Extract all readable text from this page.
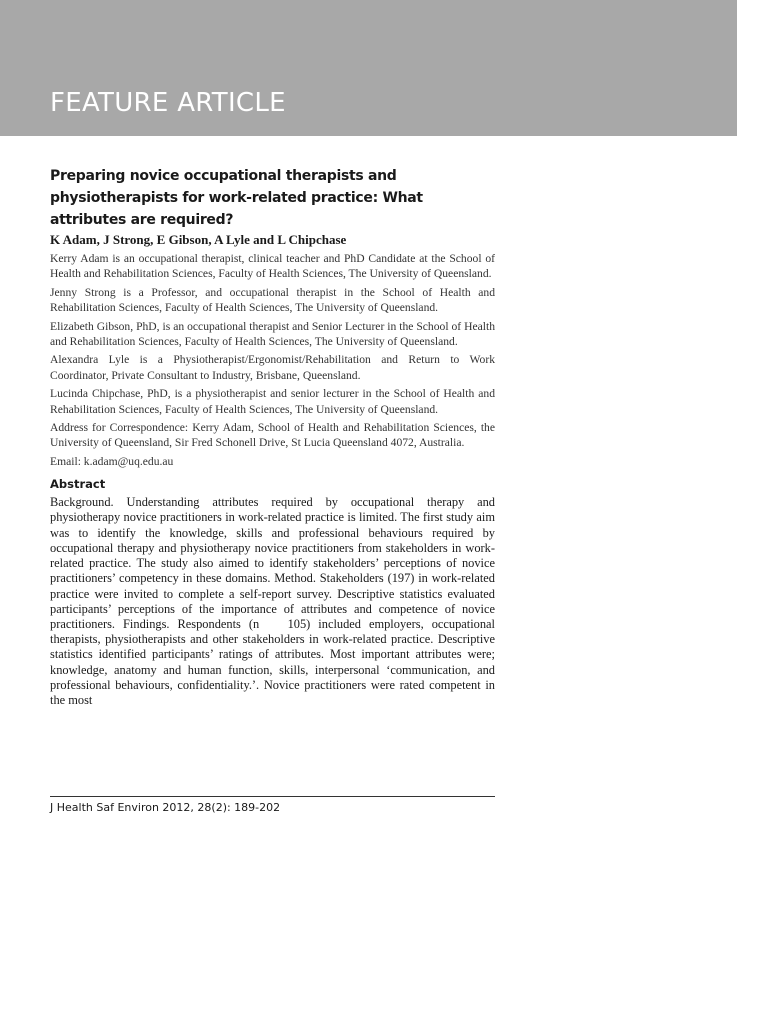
FEATURE ARTICLE
Preparing novice occupational therapists and physiotherapists for work-related practice: What attributes are required?

K Adam, J Strong, E Gibson, A Lyle and L Chipchase

Kerry Adam is an occupational therapist, clinical teacher and PhD Candidate at the School of Health and Rehabilitation Sciences, Faculty of Health Sciences, The University of Queensland.

Jenny Strong is a Professor, and occupational therapist in the School of Health and Rehabilitation Sciences, Faculty of Health Sciences, The University of Queensland.

Elizabeth Gibson, PhD, is an occupational therapist and Senior Lecturer in the School of Health and Rehabilitation Sciences, Faculty of Health Sciences, The University of Queensland.

Alexandra Lyle is a Physiotherapist/Ergonomist/Rehabilitation and Return to Work Coordinator, Private Consultant to Industry, Brisbane, Queensland.

Lucinda Chipchase, PhD, is a physiotherapist and senior lecturer in the School of Health and Rehabilitation Sciences, Faculty of Health Sciences, The University of Queensland.

Address for Correspondence: Kerry Adam, School of Health and Rehabilitation Sciences, the University of Queensland, Sir Fred Schonell Drive, St Lucia Queensland 4072, Australia.

Email: k.adam@uq.edu.au

Abstract

Background. Understanding attributes required by occupational therapy and physiotherapy novice practitioners in work-related practice is limited. The first study aim was to identify the knowledge, skills and professional behaviours required by occupational therapy and physiotherapy novice practitioners from stakeholders in work-related practice. The study also aimed to identify stakeholders’ perceptions of novice practitioners’ competency in these domains. Method. Stakeholders (197) in work-related practice were invited to complete a self-report survey. Descriptive statistics evaluated participants’ perceptions of the importance of attributes and competence of novice practitioners. Findings. Respondents (n   105) included employers, occupational therapists, physiotherapists and other stakeholders in work-related practice. Descriptive statistics identified participants’ ratings of attributes. Most important attributes were; knowledge, anatomy and human function, skills, interpersonal ‘communication, and professional behaviours, confidentiality.’. Novice practitioners were rated competent in the most

J Health Saf Environ 2012, 28(2): 189-202
